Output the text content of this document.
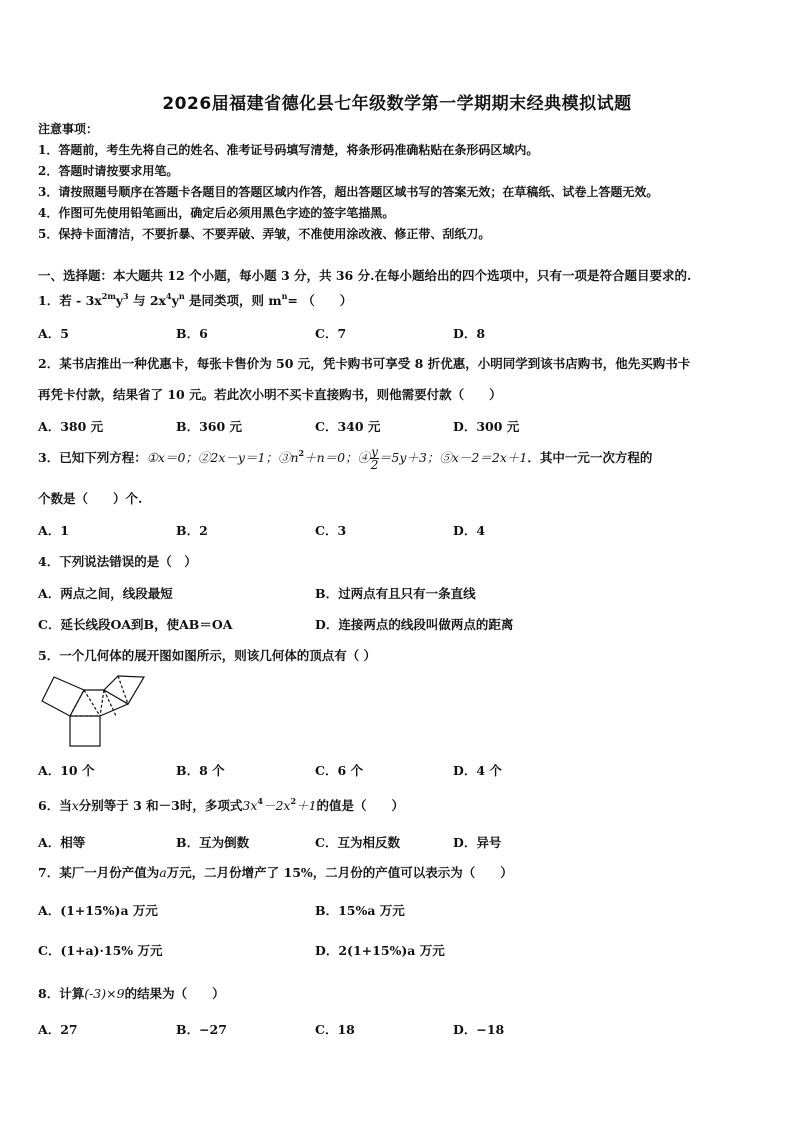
2026届福建省德化县七年级数学第一学期期末经典模拟试题
注意事项：
1．答题前，考生先将自己的姓名、准考证号码填写清楚，将条形码准确粘贴在条形码区域内。
2．答题时请按要求用笔。
3．请按照题号顺序在答题卡各题目的答题区域内作答，超出答题区域书写的答案无效；在草稿纸、试卷上答题无效。
4．作图可先使用铅笔画出，确定后必须用黑色字迹的签字笔描黑。
5．保持卡面清洁，不要折暴、不要弄破、弄皱，不准使用涂改液、修正带、刮纸刀。
一、选择题：本大题共 12 个小题，每小题 3 分，共 36 分.在每小题给出的四个选项中，只有一项是符合题目要求的.
1．若 - $3x^{2m}y^3$ 与 $2x^4y^n$ 是同类项，则 $m^n=$ （　　）
A．5	B．6	C．7	D．8
2．某书店推出一种优惠卡，每张卡售价为 50 元，凭卡购书可享受 8 折优惠，小明同学到该书店购书，他先买购书卡
再凭卡付款，结果省了 10 元。若此次小明不买卡直接购书，则他需要付款（　　）
A．380 元	B．360 元	C．340 元	D．300 元
3．已知下列方程：①x＝0；②2x－y＝1；$③n^2+n=0$；④ $\frac{y}{2} =5y+3$；⑤x－2＝2x＋1．其中一元一次方程的
个数是（　　）个.
A．1	B．2	C．3	D．4
4．下列说法错误的是（　）
A．两点之间，线段最短	B．过两点有且只有一条直线
C．延长线段OA到B，使AB＝OA	D．连接两点的线段叫做两点的距离
5．一个几何体的展开图如图所示，则该几何体的顶点有（ ）
A．10 个	B．8 个	C．6 个	D．4 个
6．当x分别等于 3 和－3时，多项式$3x^4-2x^2+1$的值是（　　）
A．相等	B．互为倒数	C．互为相反数	D．异号
7．某厂一月份产值为a万元，二月份增产了 15%，二月份的产值可以表示为（　　）
A．(1+15%)a 万元	B．15%a 万元
C．(1+a)·15% 万元	D．2(1+15%)a 万元
8．计算(-3)×9的结果为（　　）
A．27	B．−27	C．18	D．−18
